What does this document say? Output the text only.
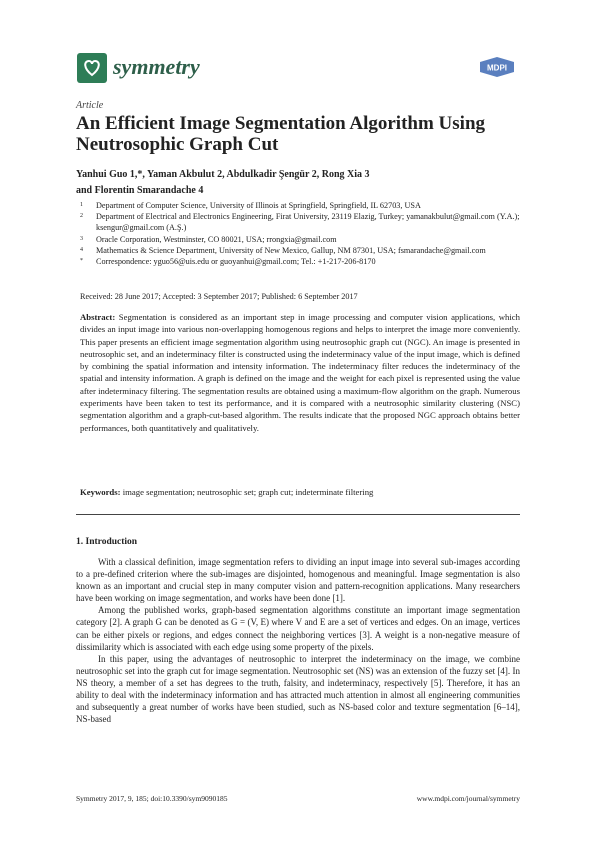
symmetry	MDPI
Article
An Efficient Image Segmentation Algorithm Using Neutrosophic Graph Cut
Yanhui Guo 1,*, Yaman Akbulut 2, Abdulkadir Şengür 2, Rong Xia 3
and Florentin Smarandache 4
1	Department of Computer Science, University of Illinois at Springfield, Springfield, IL 62703, USA
2	Department of Electrical and Electronics Engineering, Firat University, 23119 Elazig, Turkey; yamanakbulut@gmail.com (Y.A.); ksengur@gmail.com (A.Ş.)
3	Oracle Corporation, Westminster, CO 80021, USA; rrongxia@gmail.com
4	Mathematics & Science Department, University of New Mexico, Gallup, NM 87301, USA; fsmarandache@gmail.com
*	Correspondence: yguo56@uis.edu or guoyanhui@gmail.com; Tel.: +1-217-206-8170
Received: 28 June 2017; Accepted: 3 September 2017; Published: 6 September 2017
Abstract: Segmentation is considered as an important step in image processing and computer vision applications, which divides an input image into various non-overlapping homogenous regions and helps to interpret the image more conveniently. This paper presents an efficient image segmentation algorithm using neutrosophic graph cut (NGC). An image is presented in neutrosophic set, and an indeterminacy filter is constructed using the indeterminacy value of the input image, which is defined by combining the spatial information and intensity information. The indeterminacy filter reduces the indeterminacy of the spatial and intensity information. A graph is defined on the image and the weight for each pixel is represented using the value after indeterminacy filtering. The segmentation results are obtained using a maximum-flow algorithm on the graph. Numerous experiments have been taken to test its performance, and it is compared with a neutrosophic similarity clustering (NSC) segmentation algorithm and a graph-cut-based algorithm. The results indicate that the proposed NGC approach obtains better performances, both quantitatively and qualitatively.
Keywords: image segmentation; neutrosophic set; graph cut; indeterminate filtering
1. Introduction

With a classical definition, image segmentation refers to dividing an input image into several sub-images according to a pre-defined criterion where the sub-images are disjointed, homogenous and meaningful. Image segmentation is also known as an important and crucial step in many computer vision and pattern-recognition applications. Many researchers have been working on image segmentation, and works have been done [1].

Among the published works, graph-based segmentation algorithms constitute an important image segmentation category [2]. A graph G can be denoted as G = (V, E) where V and E are a set of vertices and edges. On an image, vertices can be either pixels or regions, and edges connect the neighboring vertices [3]. A weight is a non-negative measure of dissimilarity which is associated with each edge using some property of the pixels.

In this paper, using the advantages of neutrosophic to interpret the indeterminacy on the image, we combine neutrosophic set into the graph cut for image segmentation. Neutrosophic set (NS) was an extension of the fuzzy set [4]. In NS theory, a member of a set has degrees to the truth, falsity, and indeterminacy, respectively [5]. Therefore, it has an ability to deal with the indeterminacy information and has attracted much attention in almost all engineering communities and subsequently a great number of works have been studied, such as NS-based color and texture segmentation [6–14], NS-based

Symmetry 2017, 9, 185; doi:10.3390/sym9090185	www.mdpi.com/journal/symmetry
